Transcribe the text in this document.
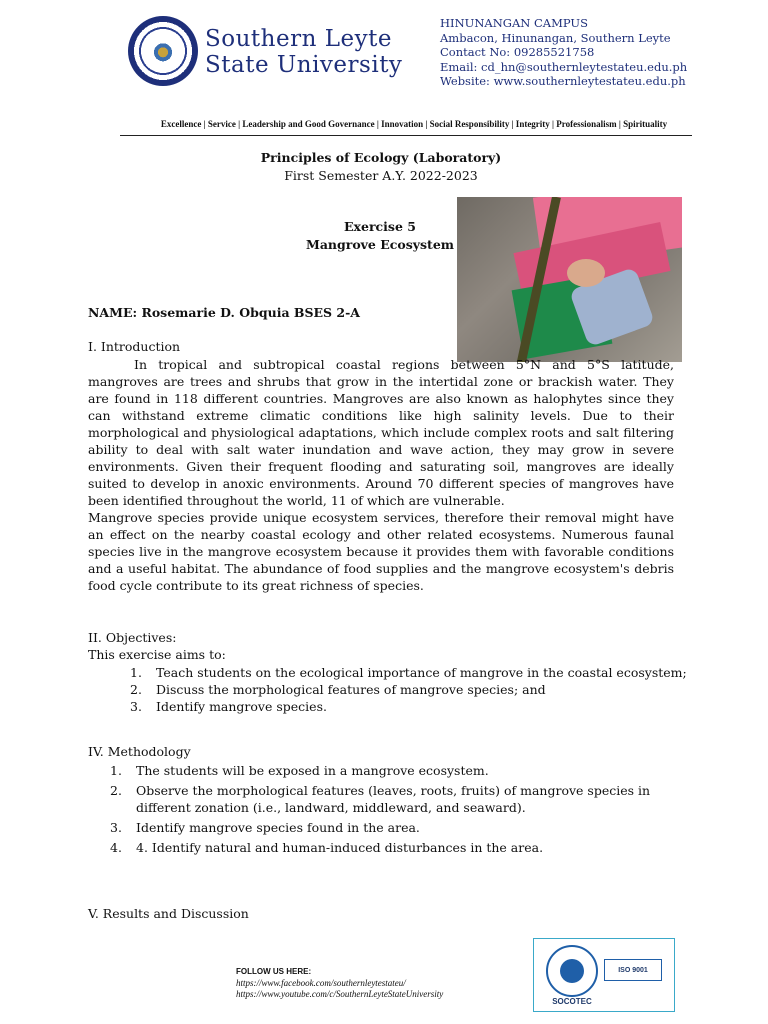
Southern Leyte
State University
HINUNANGAN CAMPUS
Ambacon, Hinunangan, Southern Leyte
Contact No: 09285521758
Email: cd_hn@southernleytestateu.edu.ph
Website: www.southernleytestateu.edu.ph
Excellence | Service | Leadership and Good Governance | Innovation | Social Responsibility | Integrity | Professionalism | Spirituality
Principles of Ecology (Laboratory)
First Semester A.Y. 2022-2023
Exercise 5
Mangrove Ecosystem
NAME: Rosemarie D. Obquia BSES 2-A
I. Introduction

In tropical and subtropical coastal regions between 5°N and 5°S latitude, mangroves are trees and shrubs that grow in the intertidal zone or brackish water. They are found in 118 different countries. Mangroves are also known as halophytes since they can withstand extreme climatic conditions like high salinity levels. Due to their morphological and physiological adaptations, which include complex roots and salt filtering ability to deal with salt water inundation and wave action, they may grow in severe environments. Given their frequent flooding and saturating soil, mangroves are ideally suited to develop in anoxic environments. Around 70 different species of mangroves have been identified throughout the world, 11 of which are vulnerable.

Mangrove species provide unique ecosystem services, therefore their removal might have an effect on the nearby coastal ecology and other related ecosystems. Numerous faunal species live in the mangrove ecosystem because it provides them with favorable conditions and a useful habitat. The abundance of food supplies and the mangrove ecosystem's debris food cycle contribute to its great richness of species.

II. Objectives:
This exercise aims to:
1.	Teach students on the ecological importance of mangrove in the coastal ecosystem;
2.	Discuss the morphological features of mangrove species; and
3.	Identify mangrove species.
IV. Methodology
1.	The students will be exposed in a mangrove ecosystem.
2.	Observe the morphological features (leaves, roots, fruits) of mangrove species in different zonation (i.e., landward, middleward, and seaward).
3.	Identify mangrove species found in the area.
4.	4. Identify natural and human-induced disturbances in the area.
V. Results and Discussion
FOLLOW US HERE:
https://www.facebook.com/southernleytestateu/
https://www.youtube.com/c/SouthernLeyteStateUniversity
ISO 9001
SOCOTEC
